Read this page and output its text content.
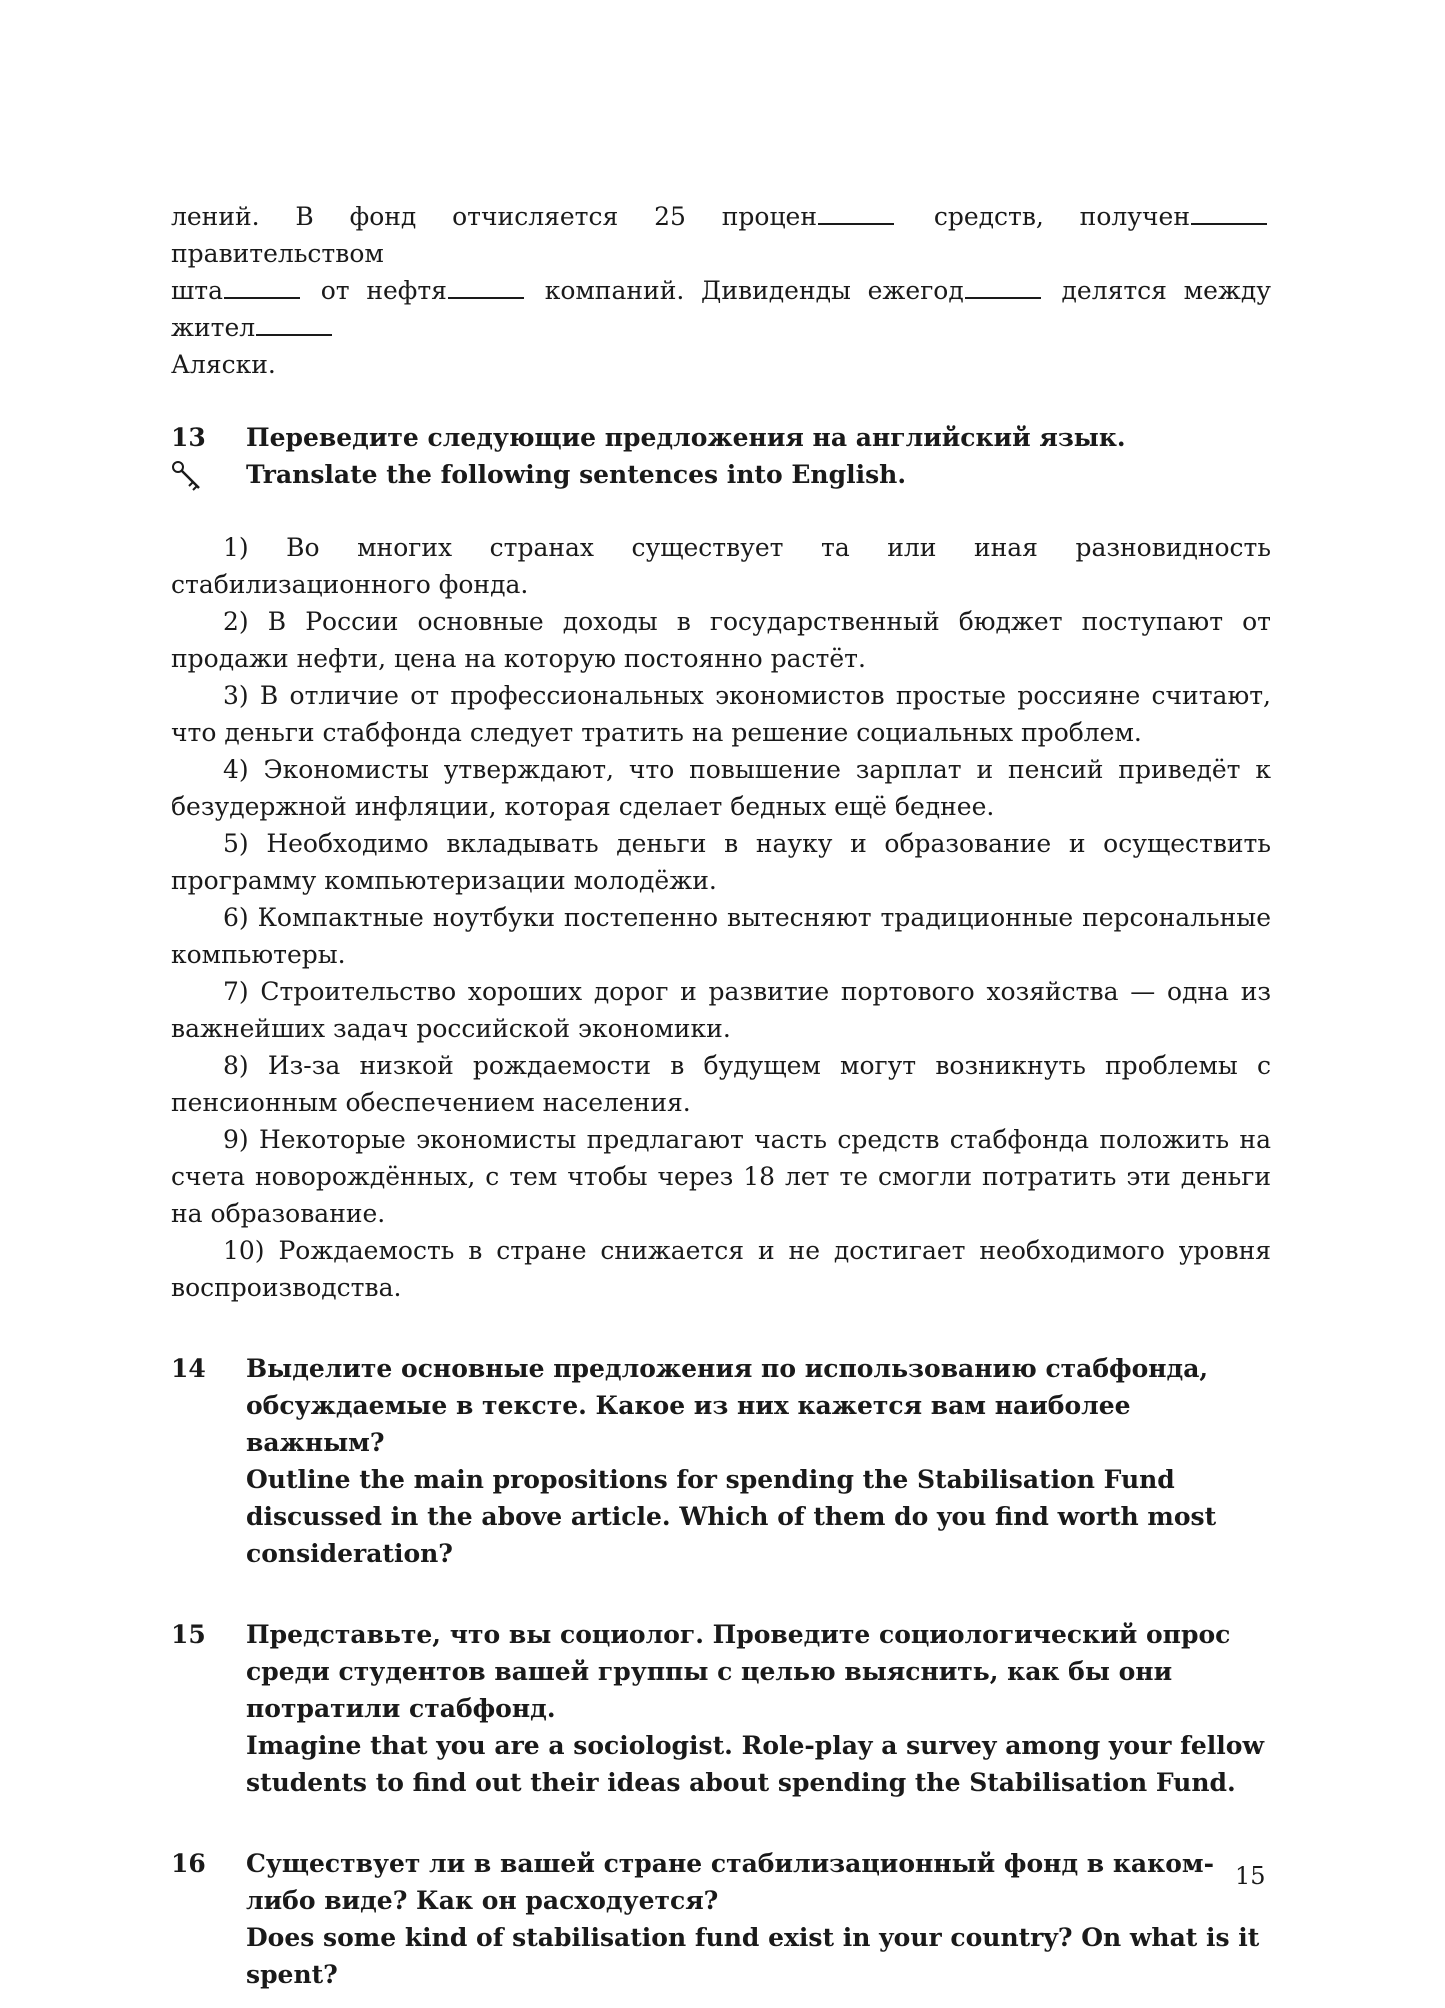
лений. В фонд отчисляется 25 процен	средств, получен правительством

шта	от нефтя	компаний. Дивиденды ежегод	делятся между жител

Аляски.

13	Переведите следующие предложения на английский язык.

Translate the following sentences into English.

1) Во многих странах существует та или иная разновидность стабилизационного фонда.

2) В России основные доходы в государственный бюджет поступают от продажи нефти, цена на которую постоянно растёт.

3) В отличие от профессиональных экономистов простые россияне считают, что деньги стабфонда следует тратить на решение социальных проблем.

4) Экономисты утверждают, что повышение зарплат и пенсий приведёт к безудержной инфляции, которая сделает бедных ещё беднее.

5) Необходимо вкладывать деньги в науку и образование и осуществить программу компьютеризации молодёжи.

6) Компактные ноутбуки постепенно вытесняют традиционные персональные компьютеры.

7) Строительство хороших дорог и развитие портового хозяйства — одна из важнейших задач российской экономики.

8) Из-за низкой рождаемости в будущем могут возникнуть проблемы с пенсионным обеспечением населения.

9) Некоторые экономисты предлагают часть средств стабфонда положить на счета новорождённых, с тем чтобы через 18 лет те смогли потратить эти деньги на образование.

10) Рождаемость в стране снижается и не достигает необходимого уровня воспроизводства.

14	Выделите основные предложения по использованию стабфонда, обсуждаемые в тексте. Какое из них кажется вам наиболее важным?

Outline the main propositions for spending the Stabilisation Fund discussed in the above article. Which of them do you find worth most consideration?

15	Представьте, что вы социолог. Проведите социологический опрос среди студентов вашей группы с целью выяснить, как бы они потратили стабфонд.

Imagine that you are a sociologist. Role-play a survey among your fellow students to find out their ideas about spending the Stabilisation Fund.

16	Существует ли в вашей стране стабилизационный фонд в каком-либо виде? Как он расходуется?

Does some kind of stabilisation fund exist in your country? On what is it spent?

15
